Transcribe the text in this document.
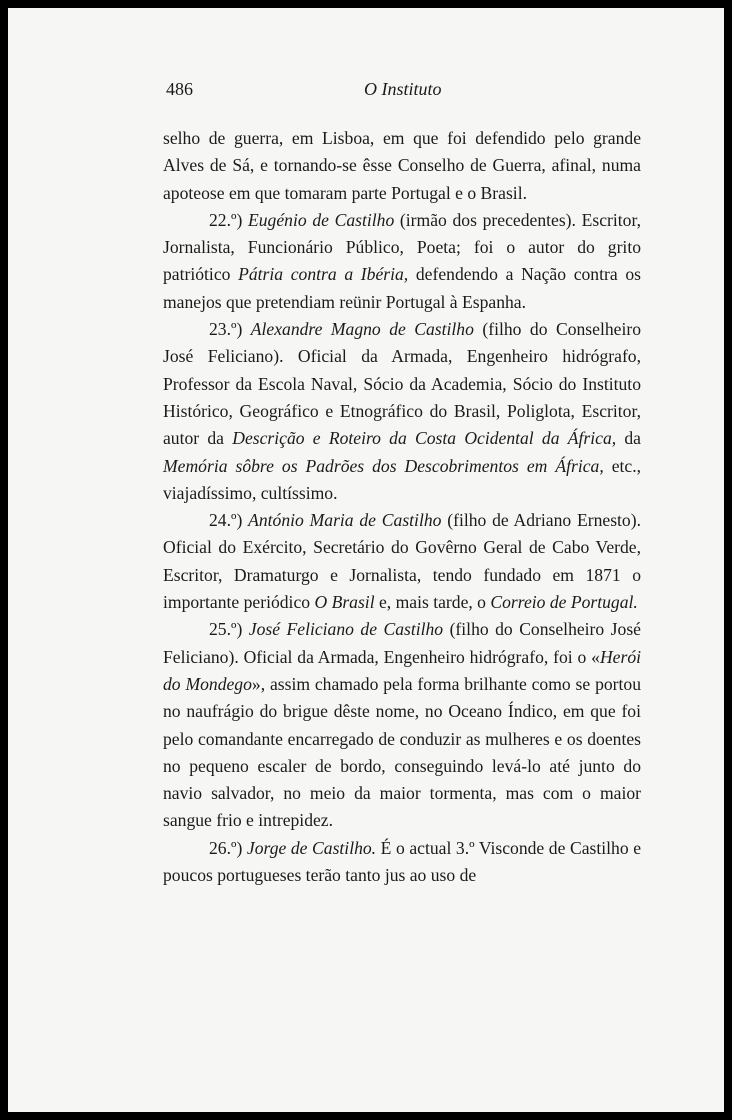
486	O Instituto

selho de guerra, em Lisboa, em que foi defendido pelo grande Alves de Sá, e tornando-se êsse Conselho de Guerra, afinal, numa apoteose em que tomaram parte Portugal e o Brasil.

22.º) Eugénio de Castilho (irmão dos precedentes). Escritor, Jornalista, Funcionário Público, Poeta; foi o autor do grito patriótico Pátria contra a Ibéria, defendendo a Nação contra os manejos que pretendiam reünir Portugal à Espanha.

23.º) Alexandre Magno de Castilho (filho do Conselheiro José Feliciano). Oficial da Armada, Engenheiro hidrógrafo, Professor da Escola Naval, Sócio da Academia, Sócio do Instituto Histórico, Geográfico e Etnográfico do Brasil, Poliglota, Escritor, autor da Descrição e Roteiro da Costa Ocidental da África, da Memória sôbre os Padrões dos Descobrimentos em África, etc., viajadíssimo, cultíssimo.

24.º) António Maria de Castilho (filho de Adriano Ernesto). Oficial do Exército, Secretário do Govêrno Geral de Cabo Verde, Escritor, Dramaturgo e Jornalista, tendo fundado em 1871 o importante periódico O Brasil e, mais tarde, o Correio de Portugal.

25.º) José Feliciano de Castilho (filho do Conselheiro José Feliciano). Oficial da Armada, Engenheiro hidrógrafo, foi o «Herói do Mondego», assim chamado pela forma brilhante como se portou no naufrágio do brigue dêste nome, no Oceano Índico, em que foi pelo comandante encarregado de conduzir as mulheres e os doentes no pequeno escaler de bordo, conseguindo levá-lo até junto do navio salvador, no meio da maior tormenta, mas com o maior sangue frio e intrepidez.

26.º) Jorge de Castilho. É o actual 3.º Visconde de Castilho e poucos portugueses terão tanto jus ao uso de
